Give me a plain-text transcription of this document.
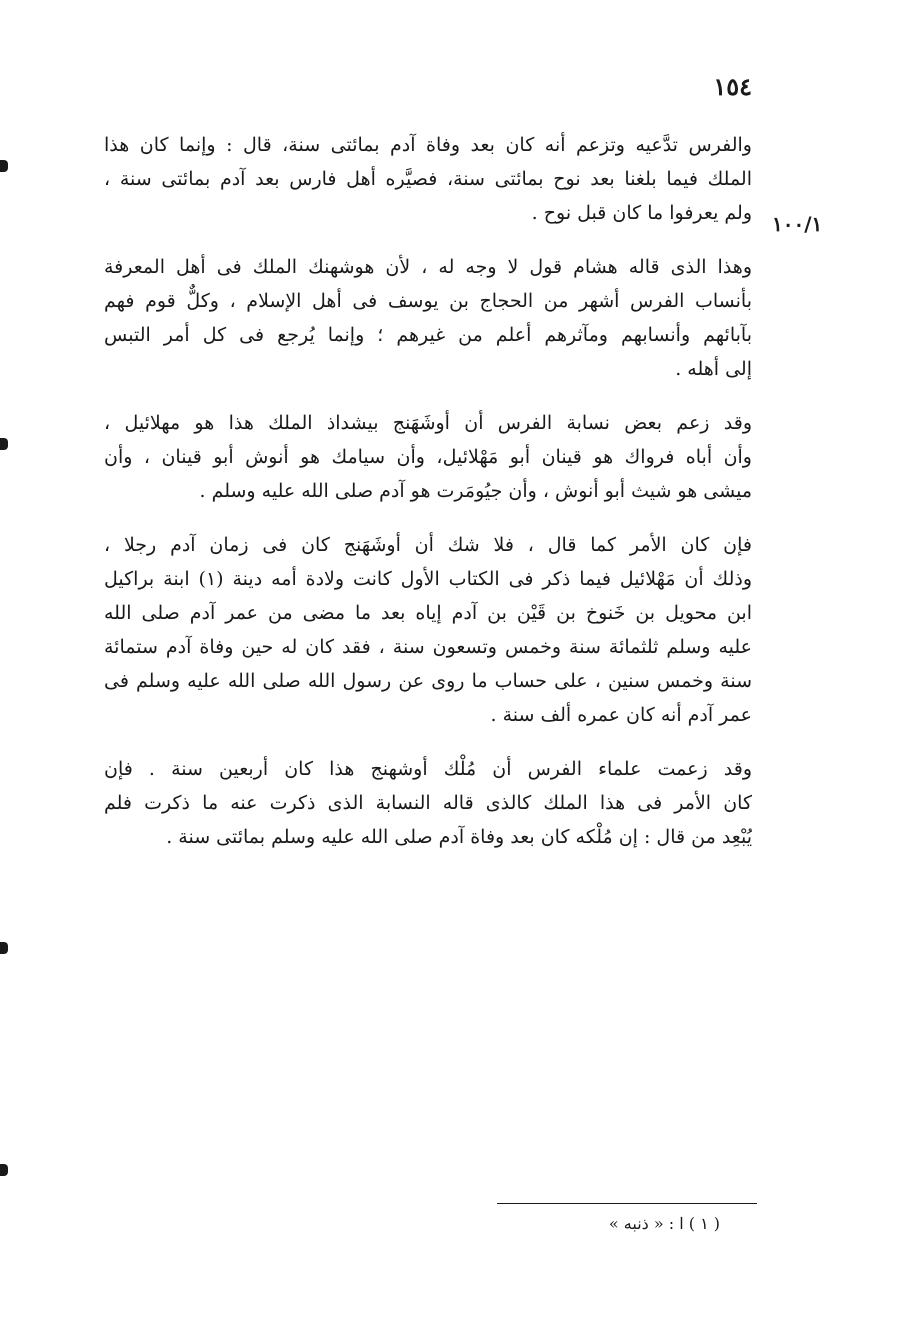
١٥٤
١٠٠/١
والفرس تدَّعيه وتزعم أنه كان بعد وفاة آدم بمائتى سنة، قال : وإنما كان هذا
الملك فيما بلغنا بعد نوح بمائتى سنة، فصيَّره أهل فارس بعد آدم بمائتى سنة ،
ولم يعرفوا ما كان قبل نوح .
وهذا الذى قاله هشام قول لا وجه له ، لأن هوشهنك الملك فى أهل المعرفة
بأنساب الفرس أشهر من الحجاج بن يوسف فى أهل الإسلام ، وكلٌّ قوم فهم
بآبائهم وأنسابهم ومآثرهم أعلم من غيرهم ؛ وإنما يُرجع فى كل أمر التبس
إلى أهله .
وقد زعم بعض نسابة الفرس أن أوشَهَنج بيشداذ الملك هذا هو مهلائيل ،
وأن أباه فرواك هو قينان أبو مَهْلائيل، وأن سيامك هو أنوش أبو قينان ، وأن
ميشى هو شيث أبو أنوش ، وأن جيُومَرت هو آدم صلى الله عليه وسلم .
فإن كان الأمر كما قال ، فلا شك أن أوشَهَنج كان فى زمان آدم رجلا ،
وذلك أن مَهْلائيل فيما ذكر فى الكتاب الأول كانت ولادة أمه دينة (١) ابنة براكيل
ابن محويل بن خَنوخ بن قَيْن بن آدم إياه بعد ما مضى من عمر آدم صلى الله
عليه وسلم ثلثمائة سنة وخمس وتسعون سنة ، فقد كان له حين وفاة آدم ستمائة
سنة وخمس سنين ، على حساب ما روى عن رسول الله صلى الله عليه وسلم فى
عمر آدم أنه كان عمره ألف سنة .
وقد زعمت علماء الفرس أن مُلْك أوشهنج هذا كان أربعين سنة . فإن
كان الأمر فى هذا الملك كالذى قاله النسابة الذى ذكرت عنه ما ذكرت فلم
يُبْعِد من قال : إن مُلْكه كان بعد وفاة آدم صلى الله عليه وسلم بمائتى سنة .
( ١ ) ا : « ذنبه »
